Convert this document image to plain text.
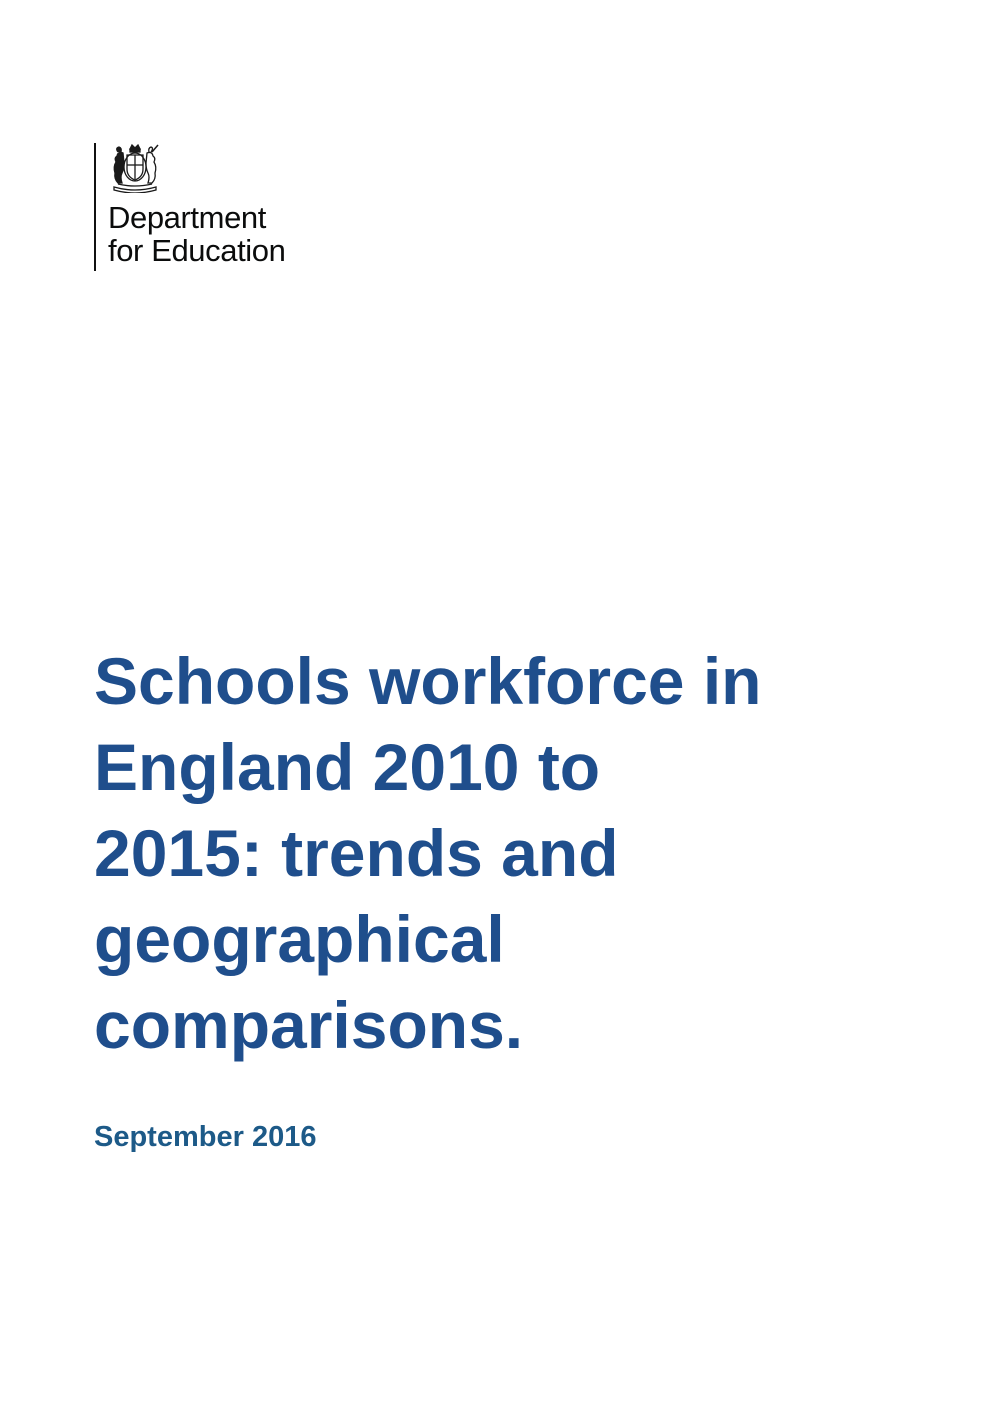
Department
for Education
Schools workforce in
England 2010 to
2015: trends and
geographical
comparisons.

September 2016
